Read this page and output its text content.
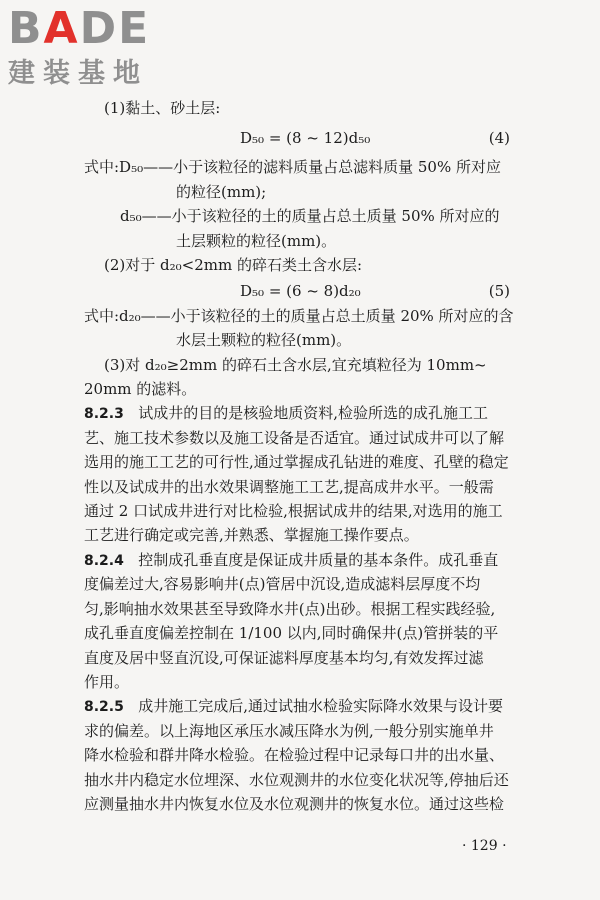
BADE
建装基地
(1)黏土、砂土层:
D₅₀ = (8 ~ 12)d₅₀	(4)
式中:D₅₀——小于该粒径的滤料质量占总滤料质量 50% 所对应
的粒径(mm);
d₅₀——小于该粒径的土的质量占总土质量 50% 所对应的
土层颗粒的粒径(mm)。
(2)对于 d₂₀<2mm 的碎石类土含水层:
D₅₀ = (6 ~ 8)d₂₀	(5)
式中:d₂₀——小于该粒径的土的质量占总土质量 20% 所对应的含
水层土颗粒的粒径(mm)。
(3)对 d₂₀≥2mm 的碎石土含水层,宜充填粒径为 10mm~
20mm 的滤料。
8.2.3 试成井的目的是核验地质资料,检验所选的成孔施工工
艺、施工技术参数以及施工设备是否适宜。通过试成井可以了解
选用的施工工艺的可行性,通过掌握成孔钻进的难度、孔壁的稳定
性以及试成井的出水效果调整施工工艺,提高成井水平。一般需
通过 2 口试成井进行对比检验,根据试成井的结果,对选用的施工
工艺进行确定或完善,并熟悉、掌握施工操作要点。
8.2.4 控制成孔垂直度是保证成井质量的基本条件。成孔垂直
度偏差过大,容易影响井(点)管居中沉设,造成滤料层厚度不均
匀,影响抽水效果甚至导致降水井(点)出砂。根据工程实践经验,
成孔垂直度偏差控制在 1/100 以内,同时确保井(点)管拼装的平
直度及居中竖直沉设,可保证滤料厚度基本均匀,有效发挥过滤
作用。
8.2.5 成井施工完成后,通过试抽水检验实际降水效果与设计要
求的偏差。以上海地区承压水减压降水为例,一般分别实施单井
降水检验和群井降水检验。在检验过程中记录每口井的出水量、
抽水井内稳定水位埋深、水位观测井的水位变化状况等,停抽后还
应测量抽水井内恢复水位及水位观测井的恢复水位。通过这些检
· 129 ·
